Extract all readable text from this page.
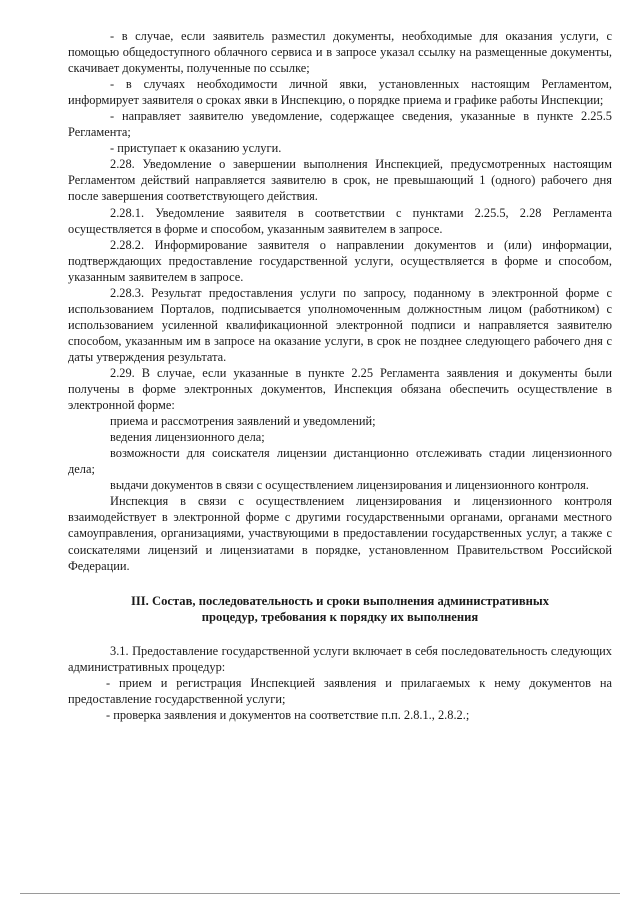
- в случае, если заявитель разместил документы, необходимые для оказания услуги, с помощью общедоступного облачного сервиса и в запросе указал ссылку на размещенные документы, скачивает документы, полученные по ссылке;

- в случаях необходимости личной явки, установленных настоящим Регламентом, информирует заявителя о сроках явки в Инспекцию, о порядке приема и графике работы Инспекции;

- направляет заявителю уведомление, содержащее сведения, указанные в пункте 2.25.5 Регламента;

- приступает к оказанию услуги.

2.28. Уведомление о завершении выполнения Инспекцией, предусмотренных настоящим Регламентом действий направляется заявителю в срок, не превышающий 1 (одного) рабочего дня после завершения соответствующего действия.

2.28.1. Уведомление заявителя в соответствии с пунктами 2.25.5, 2.28 Регламента осуществляется в форме и способом, указанным заявителем в запросе.

2.28.2. Информирование заявителя о направлении документов и (или) информации, подтверждающих предоставление государственной услуги, осуществляется в форме и способом, указанным заявителем в запросе.

2.28.3. Результат предоставления услуги по запросу, поданному в электронной форме с использованием Порталов, подписывается уполномоченным должностным лицом (работником) с использованием усиленной квалификационной электронной подписи и направляется заявителю способом, указанным им в запросе на оказание услуги, в срок не позднее следующего рабочего дня с даты утверждения результата.

2.29. В случае, если указанные в пункте 2.25 Регламента заявления и документы были получены в форме электронных документов, Инспекция обязана обеспечить осуществление в электронной форме:

приема и рассмотрения заявлений и уведомлений;

ведения лицензионного дела;

возможности для соискателя лицензии дистанционно отслеживать стадии лицензионного дела;

выдачи документов в связи с осуществлением лицензирования и лицензионного контроля.

Инспекция в связи с осуществлением лицензирования и лицензионного контроля взаимодействует в электронной форме с другими государственными органами, органами местного самоуправления, организациями, участвующими в предоставлении государственных услуг, а также с соискателями лицензий и лицензиатами в порядке, установленном Правительством Российской Федерации.

III. Состав, последовательность и сроки выполнения административных
процедур, требования к порядку их выполнения

3.1. Предоставление государственной услуги включает в себя последовательность следующих административных процедур:

- прием и регистрация Инспекцией заявления и прилагаемых к нему документов на предоставление государственной услуги;

- проверка заявления и документов на соответствие п.п. 2.8.1., 2.8.2.;
